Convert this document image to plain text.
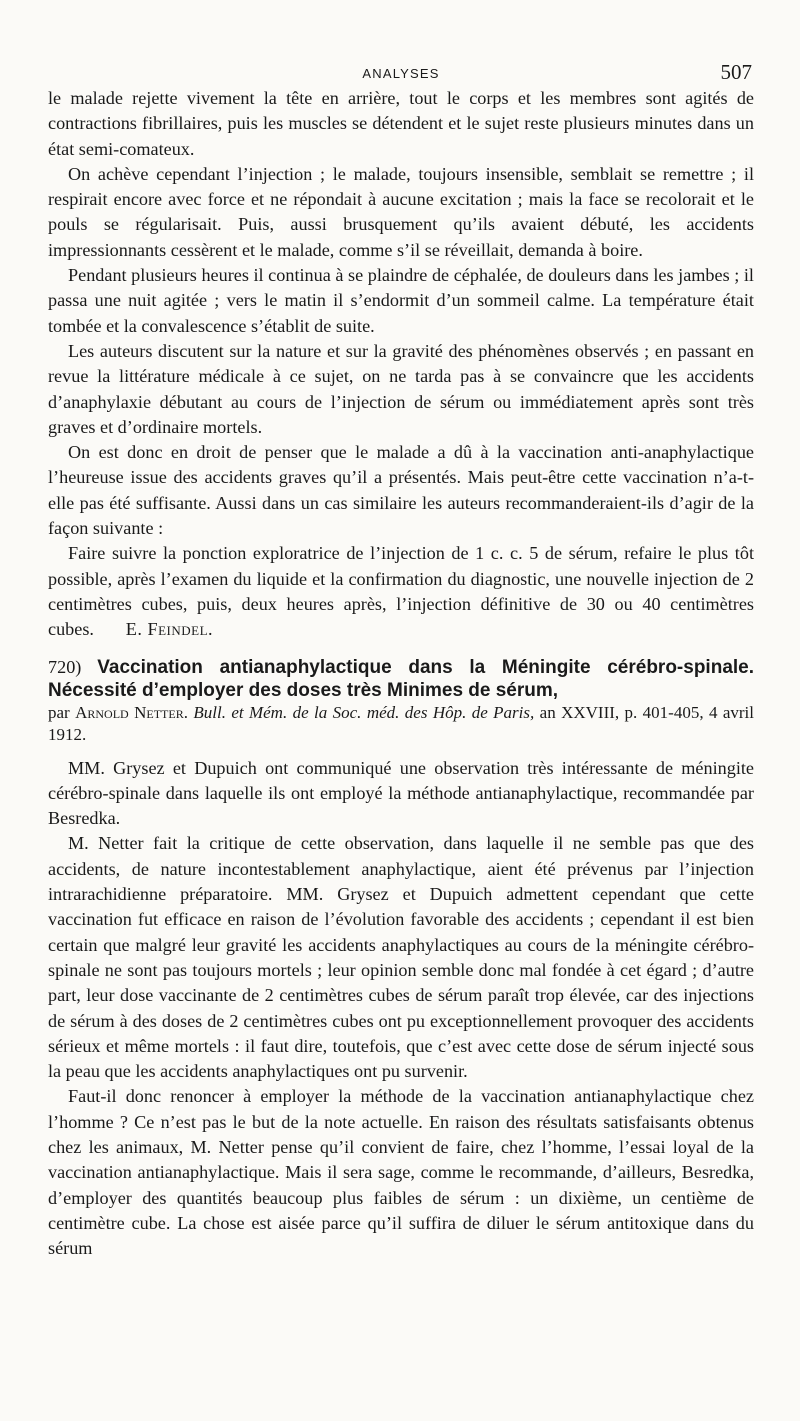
ANALYSES	507

le malade rejette vivement la tête en arrière, tout le corps et les membres sont agités de contractions fibrillaires, puis les muscles se détendent et le sujet reste plusieurs minutes dans un état semi-comateux.

On achève cependant l’injection ; le malade, toujours insensible, semblait se remettre ; il respirait encore avec force et ne répondait à aucune excitation ; mais la face se recolorait et le pouls se régularisait. Puis, aussi brusquement qu’ils avaient débuté, les accidents impressionnants cessèrent et le malade, comme s’il se réveillait, demanda à boire.

Pendant plusieurs heures il continua à se plaindre de céphalée, de douleurs dans les jambes ; il passa une nuit agitée ; vers le matin il s’endormit d’un sommeil calme. La température était tombée et la convalescence s’établit de suite.

Les auteurs discutent sur la nature et sur la gravité des phénomènes observés ; en passant en revue la littérature médicale à ce sujet, on ne tarda pas à se convaincre que les accidents d’anaphylaxie débutant au cours de l’injection de sérum ou immédiatement après sont très graves et d’ordinaire mortels.

On est donc en droit de penser que le malade a dû à la vaccination anti-anaphylactique l’heureuse issue des accidents graves qu’il a présentés. Mais peut-être cette vaccination n’a-t-elle pas été suffisante. Aussi dans un cas similaire les auteurs recommanderaient-ils d’agir de la façon suivante :

Faire suivre la ponction exploratrice de l’injection de 1 c. c. 5 de sérum, refaire le plus tôt possible, après l’examen du liquide et la confirmation du diagnostic, une nouvelle injection de 2 centimètres cubes, puis, deux heures après, l’injection définitive de 30 ou 40 centimètres cubes. E. Feindel.

720) Vaccination antianaphylactique dans la Méningite cérébro-spinale. Nécessité d’employer des doses très Minimes de sérum,
par Arnold Netter. Bull. et Mém. de la Soc. méd. des Hôp. de Paris, an XXVIII, p. 401-405, 4 avril 1912.

MM. Grysez et Dupuich ont communiqué une observation très intéressante de méningite cérébro-spinale dans laquelle ils ont employé la méthode antianaphylactique, recommandée par Besredka.

M. Netter fait la critique de cette observation, dans laquelle il ne semble pas que des accidents, de nature incontestablement anaphylactique, aient été prévenus par l’injection intrarachidienne préparatoire. MM. Grysez et Dupuich admettent cependant que cette vaccination fut efficace en raison de l’évolution favorable des accidents ; cependant il est bien certain que malgré leur gravité les accidents anaphylactiques au cours de la méningite cérébro-spinale ne sont pas toujours mortels ; leur opinion semble donc mal fondée à cet égard ; d’autre part, leur dose vaccinante de 2 centimètres cubes de sérum paraît trop élevée, car des injections de sérum à des doses de 2 centimètres cubes ont pu exceptionnellement provoquer des accidents sérieux et même mortels : il faut dire, toutefois, que c’est avec cette dose de sérum injecté sous la peau que les accidents anaphylactiques ont pu survenir.

Faut-il donc renoncer à employer la méthode de la vaccination antianaphylactique chez l’homme ? Ce n’est pas le but de la note actuelle. En raison des résultats satisfaisants obtenus chez les animaux, M. Netter pense qu’il convient de faire, chez l’homme, l’essai loyal de la vaccination antianaphylactique. Mais il sera sage, comme le recommande, d’ailleurs, Besredka, d’employer des quantités beaucoup plus faibles de sérum : un dixième, un centième de centimètre cube. La chose est aisée parce qu’il suffira de diluer le sérum antitoxique dans du sérum
